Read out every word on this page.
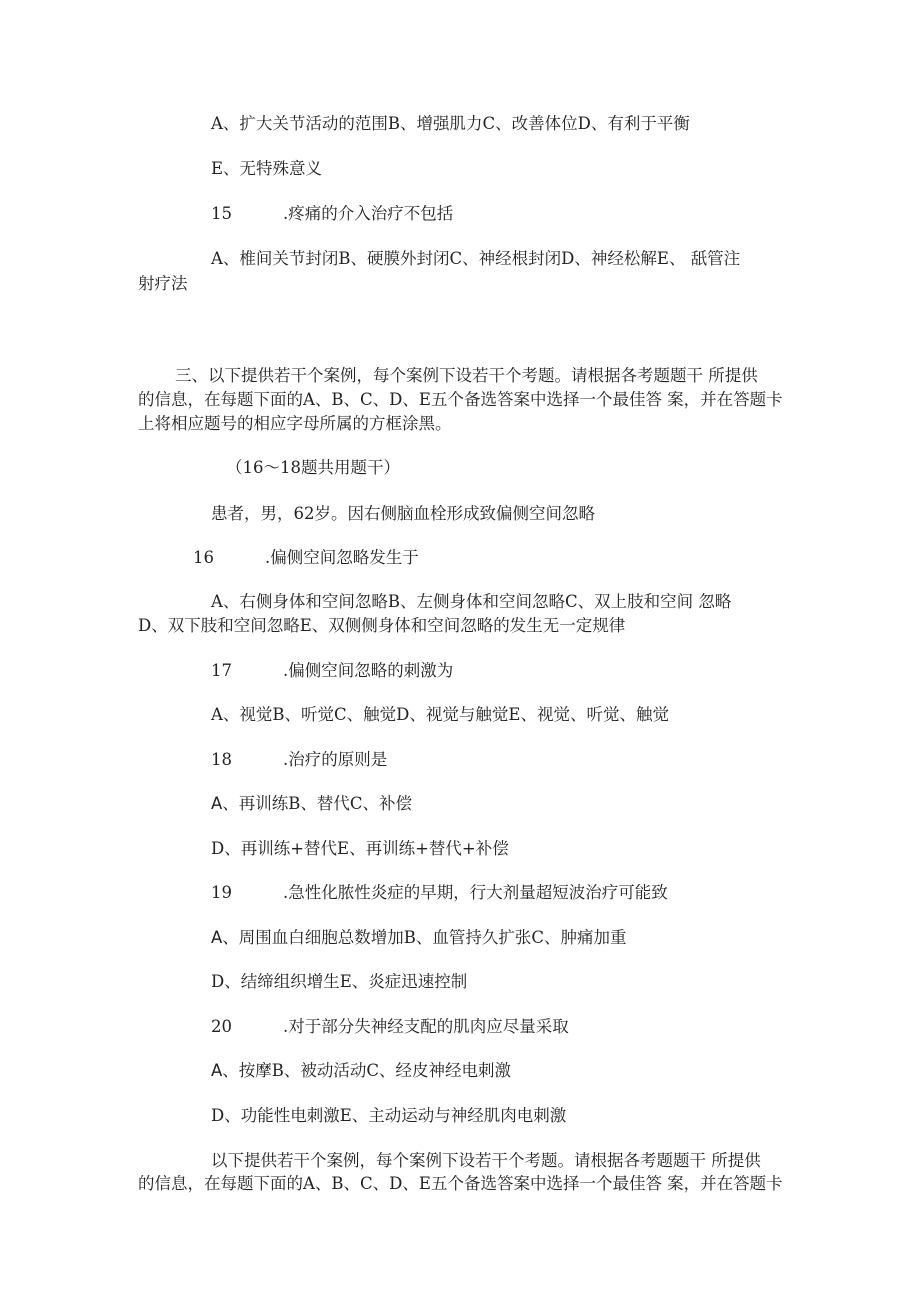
A、扩大关节活动的范围B、增强肌力C、改善体位D、有利于平衡

E、无特殊意义

15	.疼痛的介入治疗不包括

A、椎间关节封闭B、硬膜外封闭C、神经根封闭D、神经松解E、 舐管注

射疗法

三、以下提供若干个案例，每个案例下设若干个考题。请根据各考题题干 所提供

的信息，在每题下面的A、B、C、D、E五个备选答案中选择一个最佳答 案，并在答题卡

上将相应题号的相应字母所属的方框涂黑。

（16～18题共用题干）

患者，男，62岁。因右侧脑血栓形成致偏侧空间忽略

16	.偏侧空间忽略发生于

A、右侧身体和空间忽略B、左侧身体和空间忽略C、双上肢和空间 忽略

D、双下肢和空间忽略E、双侧侧身体和空间忽略的发生无一定规律

17	.偏侧空间忽略的刺激为

A、视觉B、听觉C、触觉D、视觉与触觉E、视觉、听觉、触觉

18	.治疗的原则是

A、再训练B、替代C、补偿

D、再训练+替代E、再训练+替代+补偿

19	.急性化脓性炎症的早期，行大剂量超短波治疗可能致

A、周围血白细胞总数增加B、血管持久扩张C、肿痛加重

D、结缔组织增生E、炎症迅速控制

20	.对于部分失神经支配的肌肉应尽量采取

A、按摩B、被动活动C、经皮神经电刺激

D、功能性电刺激E、主动运动与神经肌肉电刺激

以下提供若干个案例，每个案例下设若干个考题。请根据各考题题干 所提供

的信息，在每题下面的A、B、C、D、E五个备选答案中选择一个最佳答 案，并在答题卡
